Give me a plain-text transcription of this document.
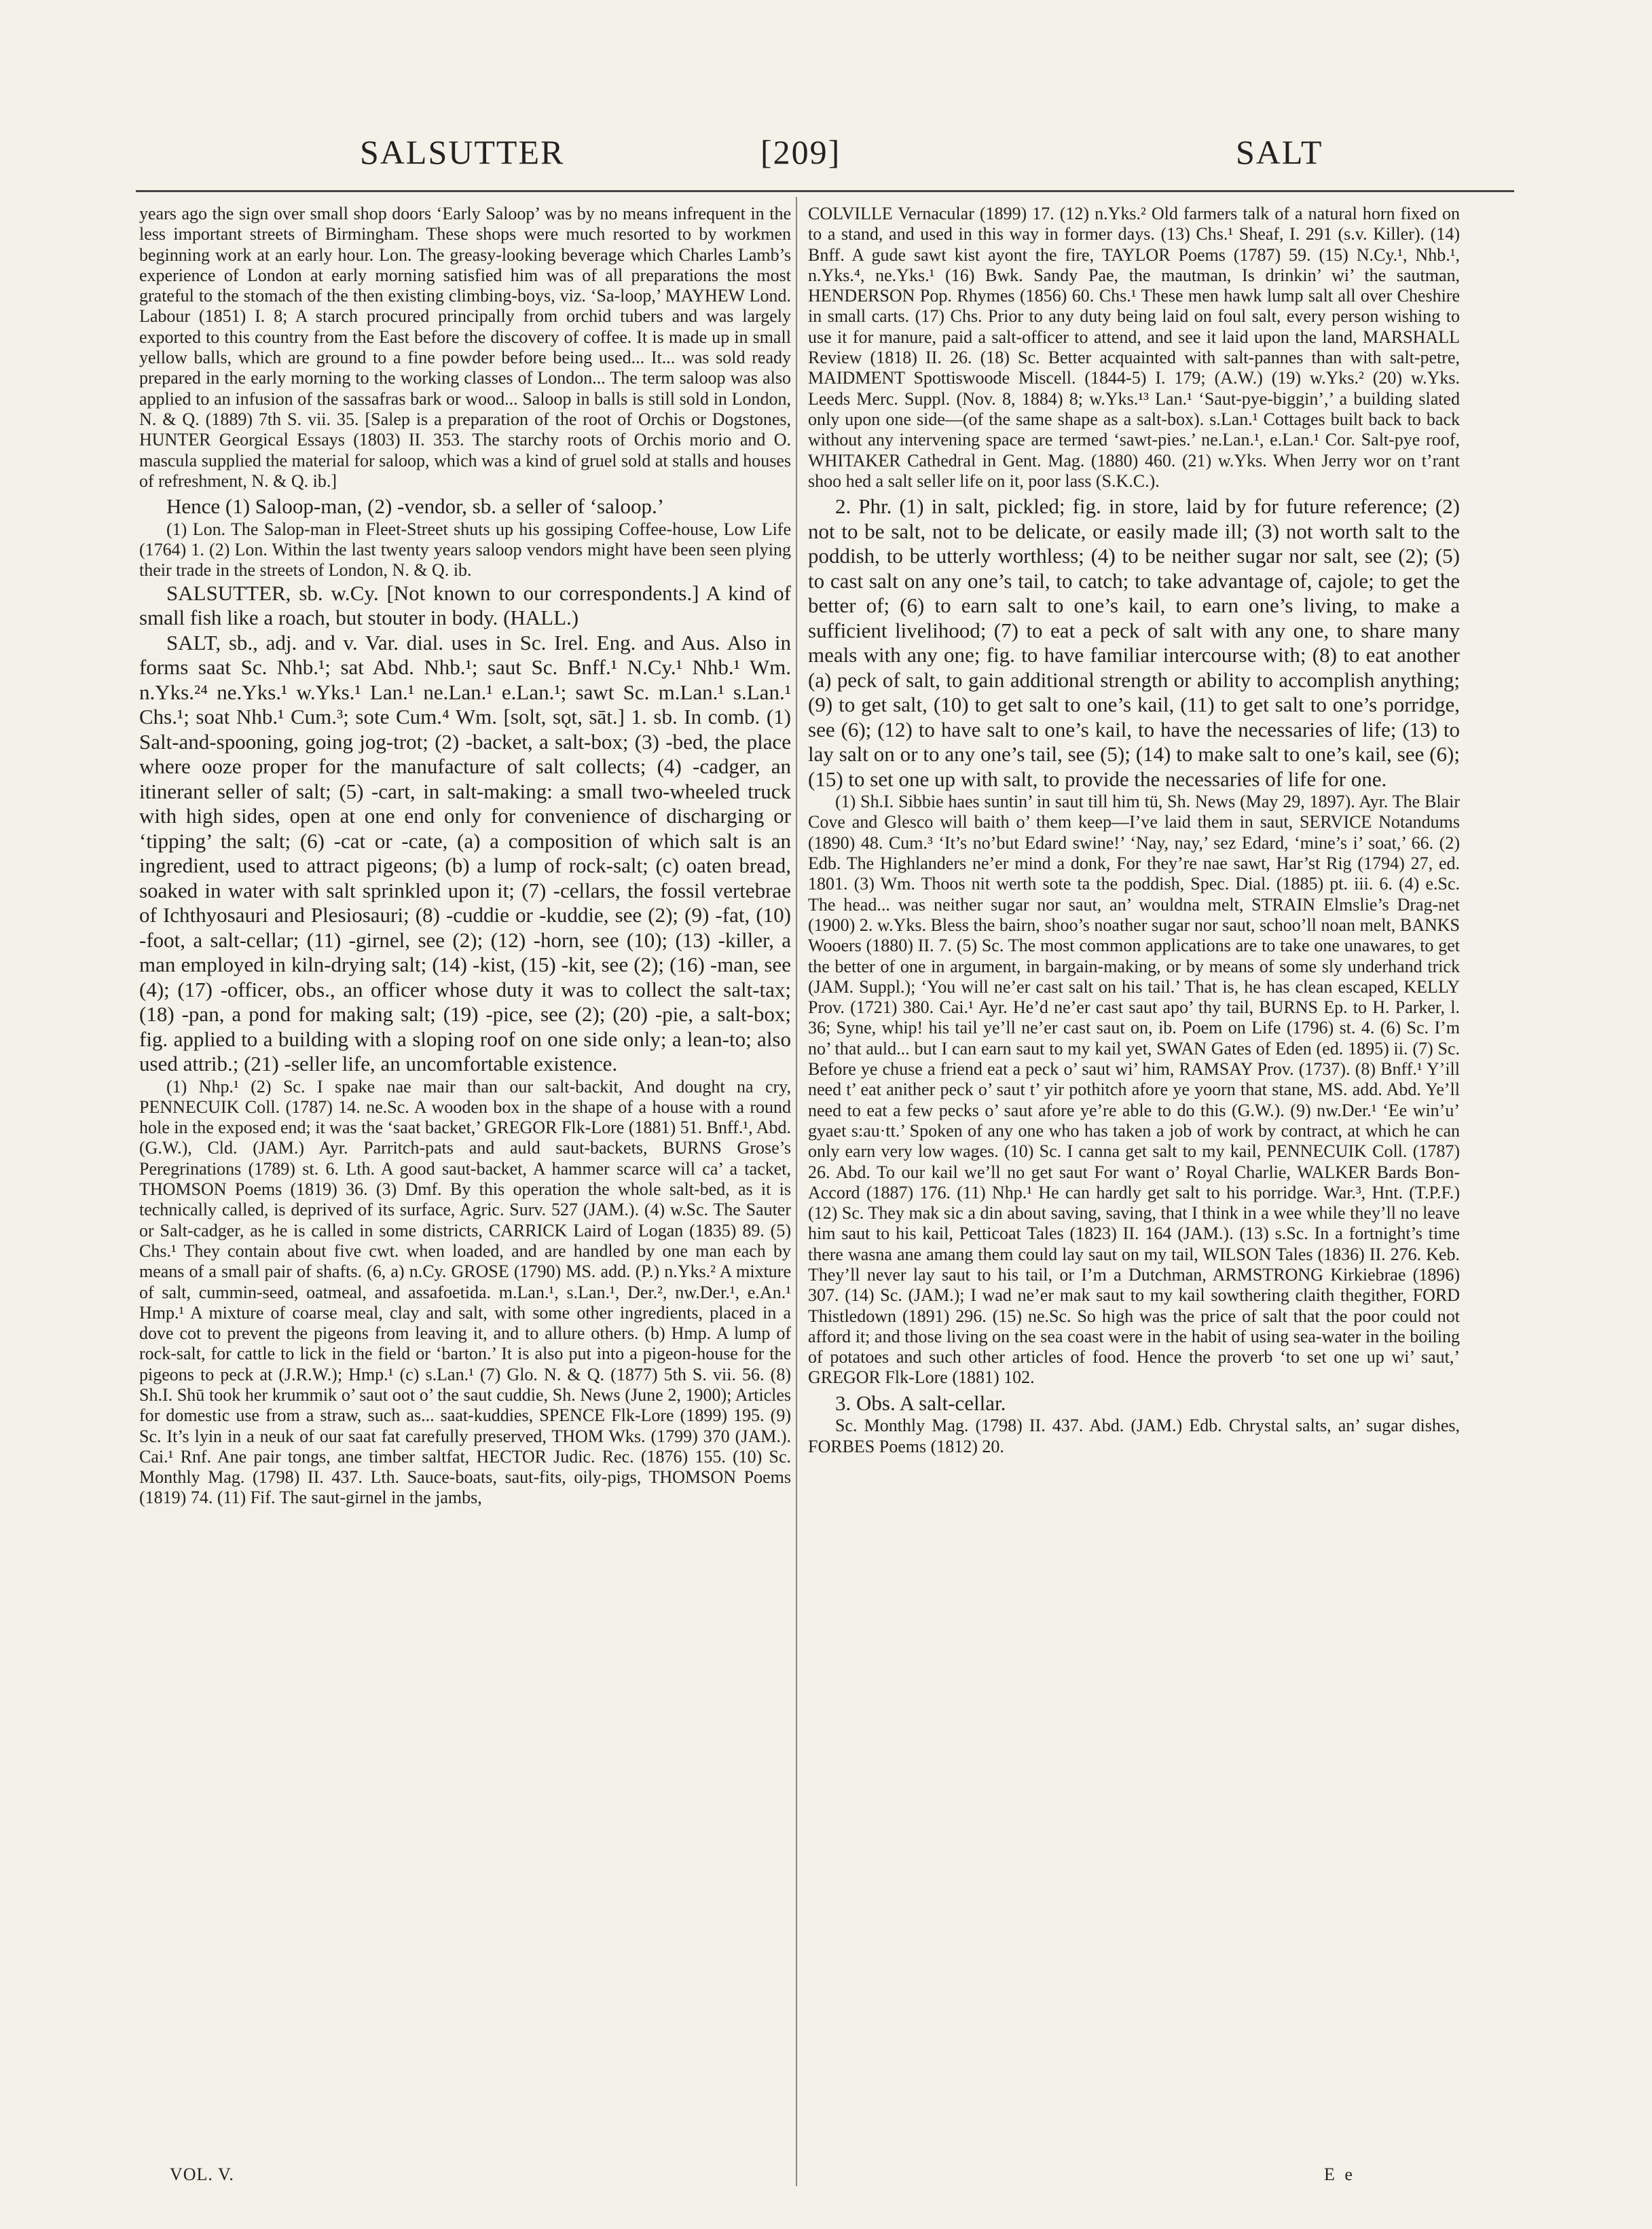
SALSUTTER	[209]	SALT

years ago the sign over small shop doors ‘Early Saloop’ was by no means infrequent in the less important streets of Birmingham. These shops were much resorted to by workmen beginning work at an early hour. Lon. The greasy-looking beverage which Charles Lamb’s experience of London at early morning satisfied him was of all preparations the most grateful to the stomach of the then existing climbing-boys, viz. ‘Sa-loop,’ MAYHEW Lond. Labour (1851) I. 8; A starch procured principally from orchid tubers and was largely exported to this country from the East before the discovery of coffee. It is made up in small yellow balls, which are ground to a fine powder before being used... It... was sold ready prepared in the early morning to the working classes of London... The term saloop was also applied to an infusion of the sassafras bark or wood... Saloop in balls is still sold in London, N. & Q. (1889) 7th S. vii. 35. [Salep is a preparation of the root of Orchis or Dogstones, HUNTER Georgical Essays (1803) II. 353. The starchy roots of Orchis morio and O. mascula supplied the material for saloop, which was a kind of gruel sold at stalls and houses of refreshment, N. & Q. ib.]

Hence (1) Saloop-man, (2) -vendor, sb. a seller of ‘saloop.’

(1) Lon. The Salop-man in Fleet-Street shuts up his gossiping Coffee-house, Low Life (1764) 1. (2) Lon. Within the last twenty years saloop vendors might have been seen plying their trade in the streets of London, N. & Q. ib.

SALSUTTER, sb. w.Cy. [Not known to our correspondents.] A kind of small fish like a roach, but stouter in body. (HALL.)

SALT, sb., adj. and v. Var. dial. uses in Sc. Irel. Eng. and Aus. Also in forms saat Sc. Nhb.¹; sat Abd. Nhb.¹; saut Sc. Bnff.¹ N.Cy.¹ Nhb.¹ Wm. n.Yks.²⁴ ne.Yks.¹ w.Yks.¹ Lan.¹ ne.Lan.¹ e.Lan.¹; sawt Sc. m.Lan.¹ s.Lan.¹ Chs.¹; soat Nhb.¹ Cum.³; sote Cum.⁴ Wm. [solt, sǫt, sāt.] 1. sb. In comb. (1) Salt-and-spooning, going jog-trot; (2) -backet, a salt-box; (3) -bed, the place where ooze proper for the manufacture of salt collects; (4) -cadger, an itinerant seller of salt; (5) -cart, in salt-making: a small two-wheeled truck with high sides, open at one end only for convenience of discharging or ‘tipping’ the salt; (6) -cat or -cate, (a) a composition of which salt is an ingredient, used to attract pigeons; (b) a lump of rock-salt; (c) oaten bread, soaked in water with salt sprinkled upon it; (7) -cellars, the fossil vertebrae of Ichthyosauri and Plesiosauri; (8) -cuddie or -kuddie, see (2); (9) -fat, (10) -foot, a salt-cellar; (11) -girnel, see (2); (12) -horn, see (10); (13) -killer, a man employed in kiln-drying salt; (14) -kist, (15) -kit, see (2); (16) -man, see (4); (17) -officer, obs., an officer whose duty it was to collect the salt-tax; (18) -pan, a pond for making salt; (19) -pice, see (2); (20) -pie, a salt-box; fig. applied to a building with a sloping roof on one side only; a lean-to; also used attrib.; (21) -seller life, an uncomfortable existence.

(1) Nhp.¹ (2) Sc. I spake nae mair than our salt-backit, And dought na cry, PENNECUIK Coll. (1787) 14. ne.Sc. A wooden box in the shape of a house with a round hole in the exposed end; it was the ‘saat backet,’ GREGOR Flk-Lore (1881) 51. Bnff.¹, Abd. (G.W.), Cld. (JAM.) Ayr. Parritch-pats and auld saut-backets, BURNS Grose’s Peregrinations (1789) st. 6. Lth. A good saut-backet, A hammer scarce will ca’ a tacket, THOMSON Poems (1819) 36. (3) Dmf. By this operation the whole salt-bed, as it is technically called, is deprived of its surface, Agric. Surv. 527 (JAM.). (4) w.Sc. The Sauter or Salt-cadger, as he is called in some districts, CARRICK Laird of Logan (1835) 89. (5) Chs.¹ They contain about five cwt. when loaded, and are handled by one man each by means of a small pair of shafts. (6, a) n.Cy. GROSE (1790) MS. add. (P.) n.Yks.² A mixture of salt, cummin-seed, oatmeal, and assafoetida. m.Lan.¹, s.Lan.¹, Der.², nw.Der.¹, e.An.¹ Hmp.¹ A mixture of coarse meal, clay and salt, with some other ingredients, placed in a dove cot to prevent the pigeons from leaving it, and to allure others. (b) Hmp. A lump of rock-salt, for cattle to lick in the field or ‘barton.’ It is also put into a pigeon-house for the pigeons to peck at (J.R.W.); Hmp.¹ (c) s.Lan.¹ (7) Glo. N. & Q. (1877) 5th S. vii. 56. (8) Sh.I. Shū took her krummik o’ saut oot o’ the saut cuddie, Sh. News (June 2, 1900); Articles for domestic use from a straw, such as... saat-kuddies, SPENCE Flk-Lore (1899) 195. (9) Sc. It’s lyin in a neuk of our saat fat carefully preserved, THOM Wks. (1799) 370 (JAM.). Cai.¹ Rnf. Ane pair tongs, ane timber saltfat, HECTOR Judic. Rec. (1876) 155. (10) Sc. Monthly Mag. (1798) II. 437. Lth. Sauce-boats, saut-fits, oily-pigs, THOMSON Poems (1819) 74. (11) Fif. The saut-girnel in the jambs,

COLVILLE Vernacular (1899) 17. (12) n.Yks.² Old farmers talk of a natural horn fixed on to a stand, and used in this way in former days. (13) Chs.¹ Sheaf, I. 291 (s.v. Killer). (14) Bnff. A gude sawt kist ayont the fire, TAYLOR Poems (1787) 59. (15) N.Cy.¹, Nhb.¹, n.Yks.⁴, ne.Yks.¹ (16) Bwk. Sandy Pae, the mautman, Is drinkin’ wi’ the sautman, HENDERSON Pop. Rhymes (1856) 60. Chs.¹ These men hawk lump salt all over Cheshire in small carts. (17) Chs. Prior to any duty being laid on foul salt, every person wishing to use it for manure, paid a salt-officer to attend, and see it laid upon the land, MARSHALL Review (1818) II. 26. (18) Sc. Better acquainted with salt-pannes than with salt-petre, MAIDMENT Spottiswoode Miscell. (1844-5) I. 179; (A.W.) (19) w.Yks.² (20) w.Yks. Leeds Merc. Suppl. (Nov. 8, 1884) 8; w.Yks.¹³ Lan.¹ ‘Saut-pye-biggin’,’ a building slated only upon one side—(of the same shape as a salt-box). s.Lan.¹ Cottages built back to back without any intervening space are termed ‘sawt-pies.’ ne.Lan.¹, e.Lan.¹ Cor. Salt-pye roof, WHITAKER Cathedral in Gent. Mag. (1880) 460. (21) w.Yks. When Jerry wor on t’rant shoo hed a salt seller life on it, poor lass (S.K.C.).

2. Phr. (1) in salt, pickled; fig. in store, laid by for future reference; (2) not to be salt, not to be delicate, or easily made ill; (3) not worth salt to the poddish, to be utterly worthless; (4) to be neither sugar nor salt, see (2); (5) to cast salt on any one’s tail, to catch; to take advantage of, cajole; to get the better of; (6) to earn salt to one’s kail, to earn one’s living, to make a sufficient livelihood; (7) to eat a peck of salt with any one, to share many meals with any one; fig. to have familiar intercourse with; (8) to eat another (a) peck of salt, to gain additional strength or ability to accomplish anything; (9) to get salt, (10) to get salt to one’s kail, (11) to get salt to one’s porridge, see (6); (12) to have salt to one’s kail, to have the necessaries of life; (13) to lay salt on or to any one’s tail, see (5); (14) to make salt to one’s kail, see (6); (15) to set one up with salt, to provide the necessaries of life for one.

(1) Sh.I. Sibbie haes suntin’ in saut till him tü, Sh. News (May 29, 1897). Ayr. The Blair Cove and Glesco will baith o’ them keep—I’ve laid them in saut, SERVICE Notandums (1890) 48. Cum.³ ‘It’s no’but Edard swine!’ ‘Nay, nay,’ sez Edard, ‘mine’s i’ soat,’ 66. (2) Edb. The Highlanders ne’er mind a donk, For they’re nae sawt, Har’st Rig (1794) 27, ed. 1801. (3) Wm. Thoos nit werth sote ta the poddish, Spec. Dial. (1885) pt. iii. 6. (4) e.Sc. The head... was neither sugar nor saut, an’ wouldna melt, STRAIN Elmslie’s Drag-net (1900) 2. w.Yks. Bless the bairn, shoo’s noather sugar nor saut, schoo’ll noan melt, BANKS Wooers (1880) II. 7. (5) Sc. The most common applications are to take one unawares, to get the better of one in argument, in bargain-making, or by means of some sly underhand trick (JAM. Suppl.); ‘You will ne’er cast salt on his tail.’ That is, he has clean escaped, KELLY Prov. (1721) 380. Cai.¹ Ayr. He’d ne’er cast saut apo’ thy tail, BURNS Ep. to H. Parker, l. 36; Syne, whip! his tail ye’ll ne’er cast saut on, ib. Poem on Life (1796) st. 4. (6) Sc. I’m no’ that auld... but I can earn saut to my kail yet, SWAN Gates of Eden (ed. 1895) ii. (7) Sc. Before ye chuse a friend eat a peck o’ saut wi’ him, RAMSAY Prov. (1737). (8) Bnff.¹ Y’ill need t’ eat anither peck o’ saut t’ yir pothitch afore ye yoorn that stane, MS. add. Abd. Ye’ll need to eat a few pecks o’ saut afore ye’re able to do this (G.W.). (9) nw.Der.¹ ‘Ee win’u’ gyaet s:au·tt.’ Spoken of any one who has taken a job of work by contract, at which he can only earn very low wages. (10) Sc. I canna get salt to my kail, PENNECUIK Coll. (1787) 26. Abd. To our kail we’ll no get saut For want o’ Royal Charlie, WALKER Bards Bon-Accord (1887) 176. (11) Nhp.¹ He can hardly get salt to his porridge. War.³, Hnt. (T.P.F.) (12) Sc. They mak sic a din about saving, saving, that I think in a wee while they’ll no leave him saut to his kail, Petticoat Tales (1823) II. 164 (JAM.). (13) s.Sc. In a fortnight’s time there wasna ane amang them could lay saut on my tail, WILSON Tales (1836) II. 276. Keb. They’ll never lay saut to his tail, or I’m a Dutchman, ARMSTRONG Kirkiebrae (1896) 307. (14) Sc. (JAM.); I wad ne’er mak saut to my kail sowthering claith thegither, FORD Thistledown (1891) 296. (15) ne.Sc. So high was the price of salt that the poor could not afford it; and those living on the sea coast were in the habit of using sea-water in the boiling of potatoes and such other articles of food. Hence the proverb ‘to set one up wi’ saut,’ GREGOR Flk-Lore (1881) 102.

3. Obs. A salt-cellar.

Sc. Monthly Mag. (1798) II. 437. Abd. (JAM.) Edb. Chrystal salts, an’ sugar dishes, FORBES Poems (1812) 20.

VOL. V.	E e
